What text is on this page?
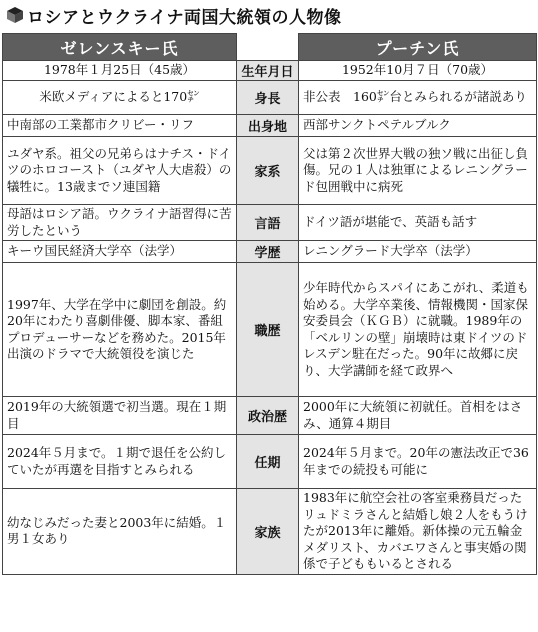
ロシアとウクライナ両国大統領の人物像
ゼレンスキー氏		プーチン氏
1978年１月25日（45歳）	生年月日	1952年10月７日（70歳）
米欧メディアによると170㌢	身長	非公表　160㌢台とみられるが諸説あり
中南部の工業都市クリビー・リフ	出身地	西部サンクトペテルブルク
ユダヤ系。祖父の兄弟らはナチス・ドイツのホロコースト（ユダヤ人大虐殺）の犠牲に。13歳までソ連国籍	家系	父は第２次世界大戦の独ソ戦に出征し負傷。兄の１人は独軍によるレニングラード包囲戦中に病死
母語はロシア語。ウクライナ語習得に苦労したという	言語	ドイツ語が堪能で、英語も話す
キーウ国民経済大学卒（法学）	学歴	レニングラード大学卒（法学）
1997年、大学在学中に劇団を創設。約20年にわたり喜劇俳優、脚本家、番組プロデューサーなどを務めた。2015年出演のドラマで大統領役を演じた	職歴	少年時代からスパイにあこがれ、柔道も始める。大学卒業後、情報機関・国家保安委員会（ＫＧＢ）に就職。1989年の「ベルリンの壁」崩壊時は東ドイツのドレスデン駐在だった。90年に故郷に戻り、大学講師を経て政界へ
2019年の大統領選で初当選。現在１期目	政治歴	2000年に大統領に初就任。首相をはさみ、通算４期目
2024年５月まで。１期で退任を公約していたが再選を目指すとみられる	任期	2024年５月まで。20年の憲法改正で36年までの続投も可能に
幼なじみだった妻と2003年に結婚。１男１女あり	家族	1983年に航空会社の客室乗務員だったリュドミラさんと結婚し娘２人をもうけたが2013年に離婚。新体操の元五輪金メダリスト、カバエワさんと事実婚の関係で子どももいるとされる
